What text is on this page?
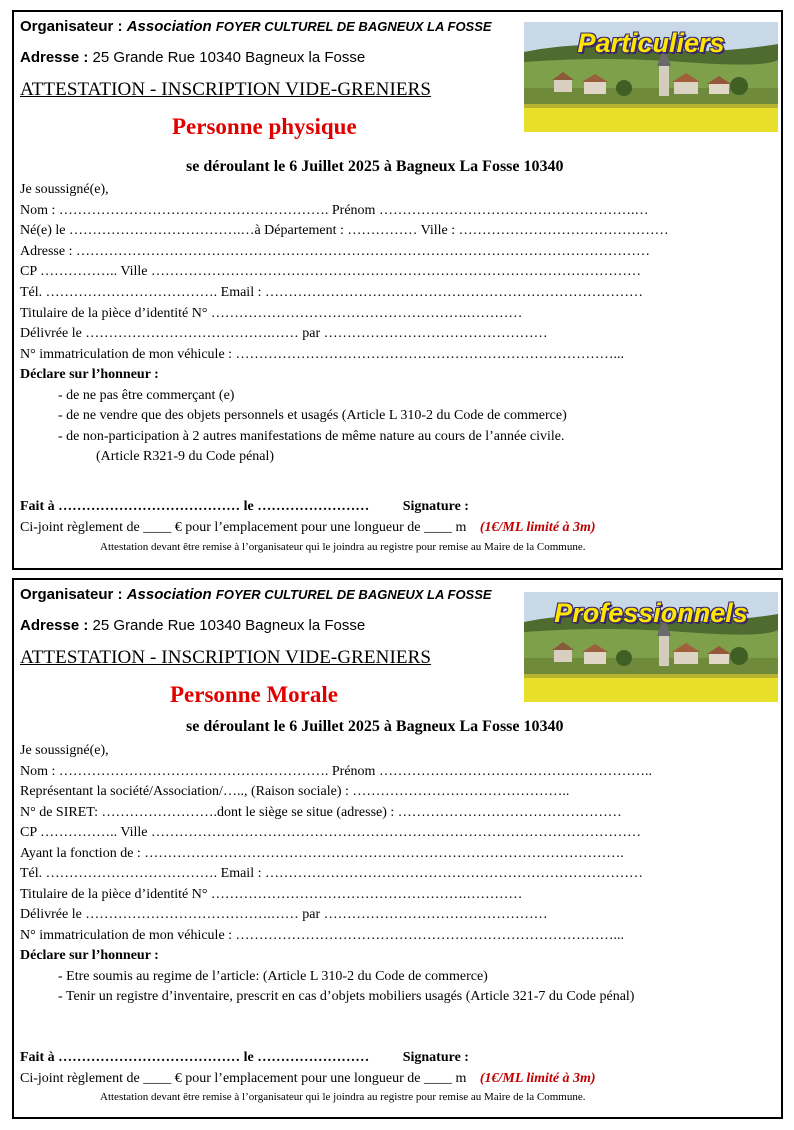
Organisateur : Association FOYER CULTUREL DE BAGNEUX LA FOSSE
Adresse : 25 Grande Rue 10340 Bagneux la Fosse
ATTESTATION - INSCRIPTION VIDE-GRENIERS
Personne physique
Particuliers
se déroulant le 6 Juillet 2025 à Bagneux La Fosse 10340
Je soussigné(e),
Nom : …………………………………………………. Prénom ……………………………………………….…
Né(e) le ……………………………….…à Département : …………… Ville : ………………………………………
Adresse : ……………………………………………………………………………………………………………
CP …………….. Ville ……………………………………………………………………………………………
Tél. ………………………………. Email : ………………………………………………………………………
Titulaire de la pièce d’identité N° ……………………………………………….…………
Délivrée le ………………………………….…… par …………………………………………
N° immatriculation de mon véhicule : ………………………………………………………………………...
Déclare sur l’honneur :
- de ne pas être commerçant (e)
- de ne vendre que des objets personnels et usagés (Article L 310-2 du Code de commerce)
- de non-participation à 2 autres manifestations de même nature au cours de l’année civile.
(Article R321-9 du Code pénal)
Fait à ………………………………… le …………………… Signature :
Ci-joint règlement de ____ € pour l’emplacement pour une longueur de ____ m (1€/ML limité à 3m)
Attestation devant être remise à l’organisateur qui le joindra au registre pour remise au Maire de la Commune.
Organisateur : Association FOYER CULTUREL DE BAGNEUX LA FOSSE
Adresse : 25 Grande Rue 10340 Bagneux la Fosse
ATTESTATION - INSCRIPTION VIDE-GRENIERS
Personne Morale
Professionnels
se déroulant le 6 Juillet 2025 à Bagneux La Fosse 10340
Je soussigné(e),
Nom : …………………………………………………. Prénom …………………………………………………..
Représentant la société/Association/….., (Raison sociale) : ………………………………………..
N° de SIRET: …………………….dont le siège se situe (adresse) : …………………………………………
CP …………….. Ville ……………………………………………………………………………………………
Ayant la fonction de : ………………………………………………………………………………………….
Tél. ………………………………. Email : ………………………………………………………………………
Titulaire de la pièce d’identité N° ……………………………………………….…………
Délivrée le ………………………………….…… par …………………………………………
N° immatriculation de mon véhicule : ………………………………………………………………………...
Déclare sur l’honneur :
- Etre soumis au regime de l’article: (Article L 310-2 du Code de commerce)
- Tenir un registre d’inventaire, prescrit en cas d’objets mobiliers usagés (Article 321-7 du Code pénal)
Fait à ………………………………… le …………………… Signature :
Ci-joint règlement de ____ € pour l’emplacement pour une longueur de ____ m (1€/ML limité à 3m)
Attestation devant être remise à l’organisateur qui le joindra au registre pour remise au Maire de la Commune.
